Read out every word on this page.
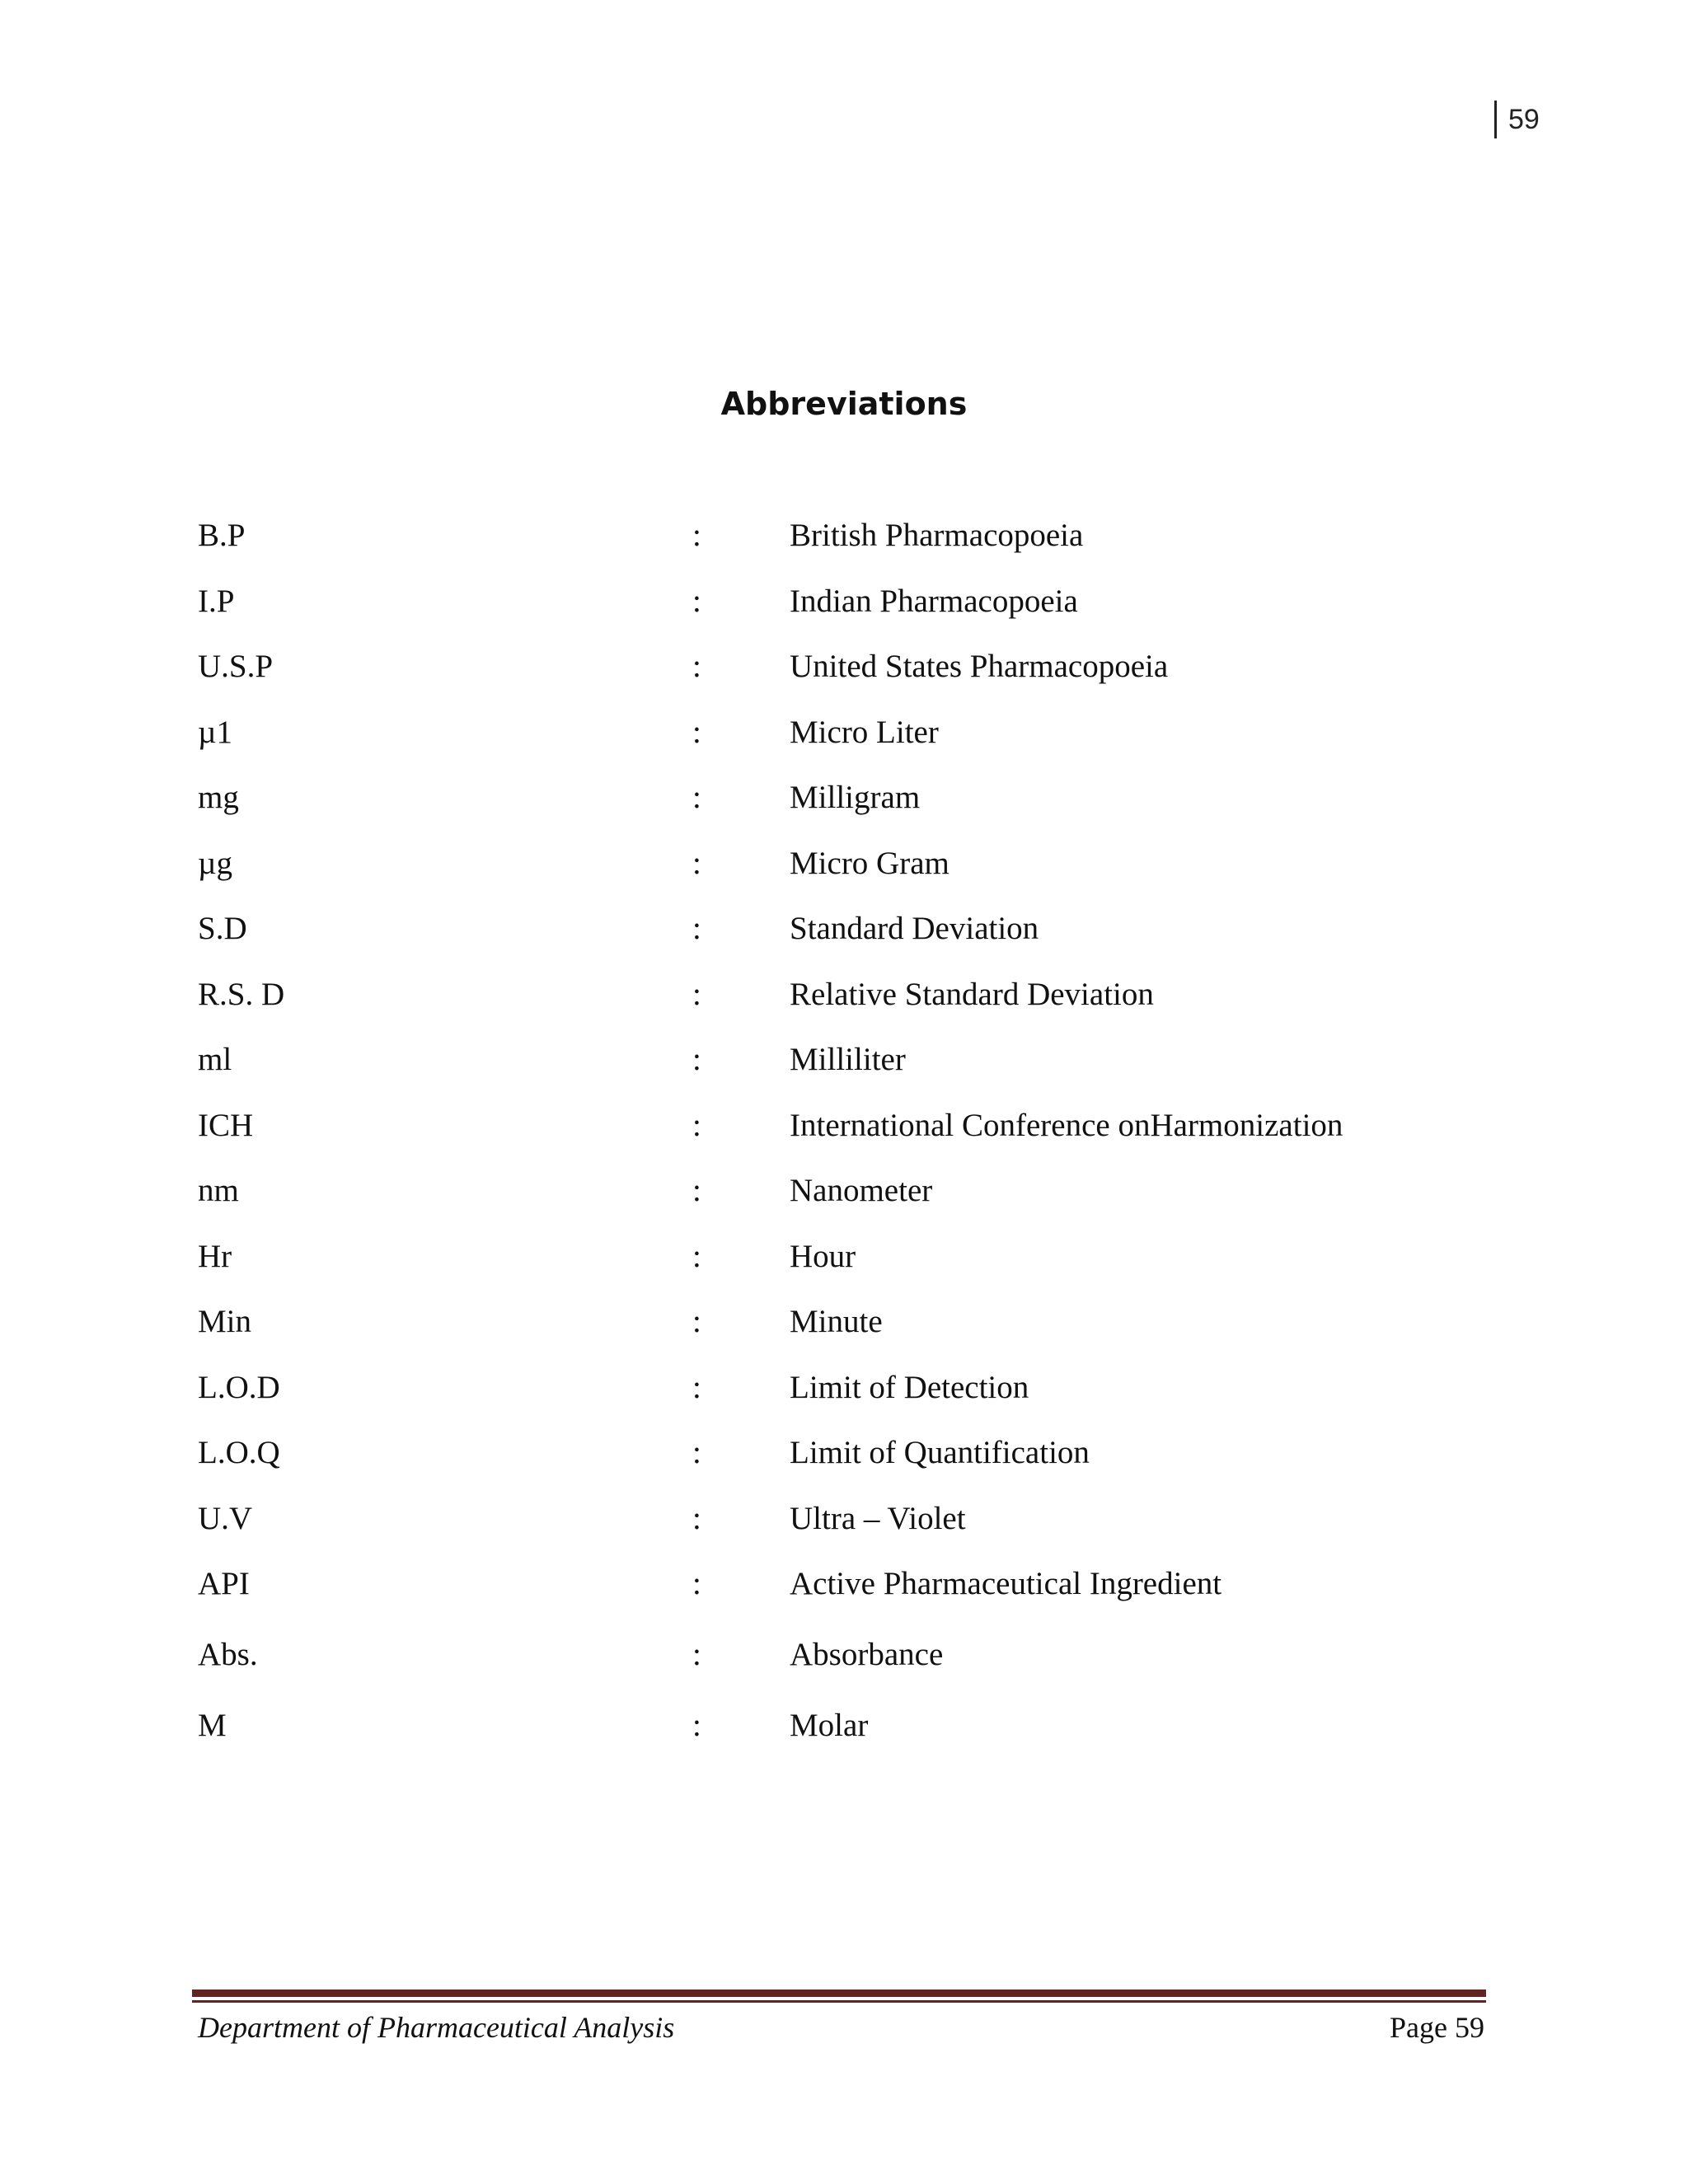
59
Abbreviations
B.P	:	British Pharmacopoeia
I.P	:	Indian Pharmacopoeia
U.S.P	:	United States Pharmacopoeia
µ1	:	Micro Liter
mg	:	Milligram
µg	:	Micro Gram
S.D	:	Standard Deviation
R.S. D	:	Relative Standard Deviation
ml	:	Milliliter
ICH	:	International Conference onHarmonization
nm	:	Nanometer
Hr	:	Hour
Min	:	Minute
L.O.D	:	Limit of Detection
L.O.Q	:	Limit of Quantification
U.V	:	Ultra – Violet
API	:	Active Pharmaceutical Ingredient
Abs.	:	Absorbance
M	:	Molar
Department of Pharmaceutical Analysis	Page 59
